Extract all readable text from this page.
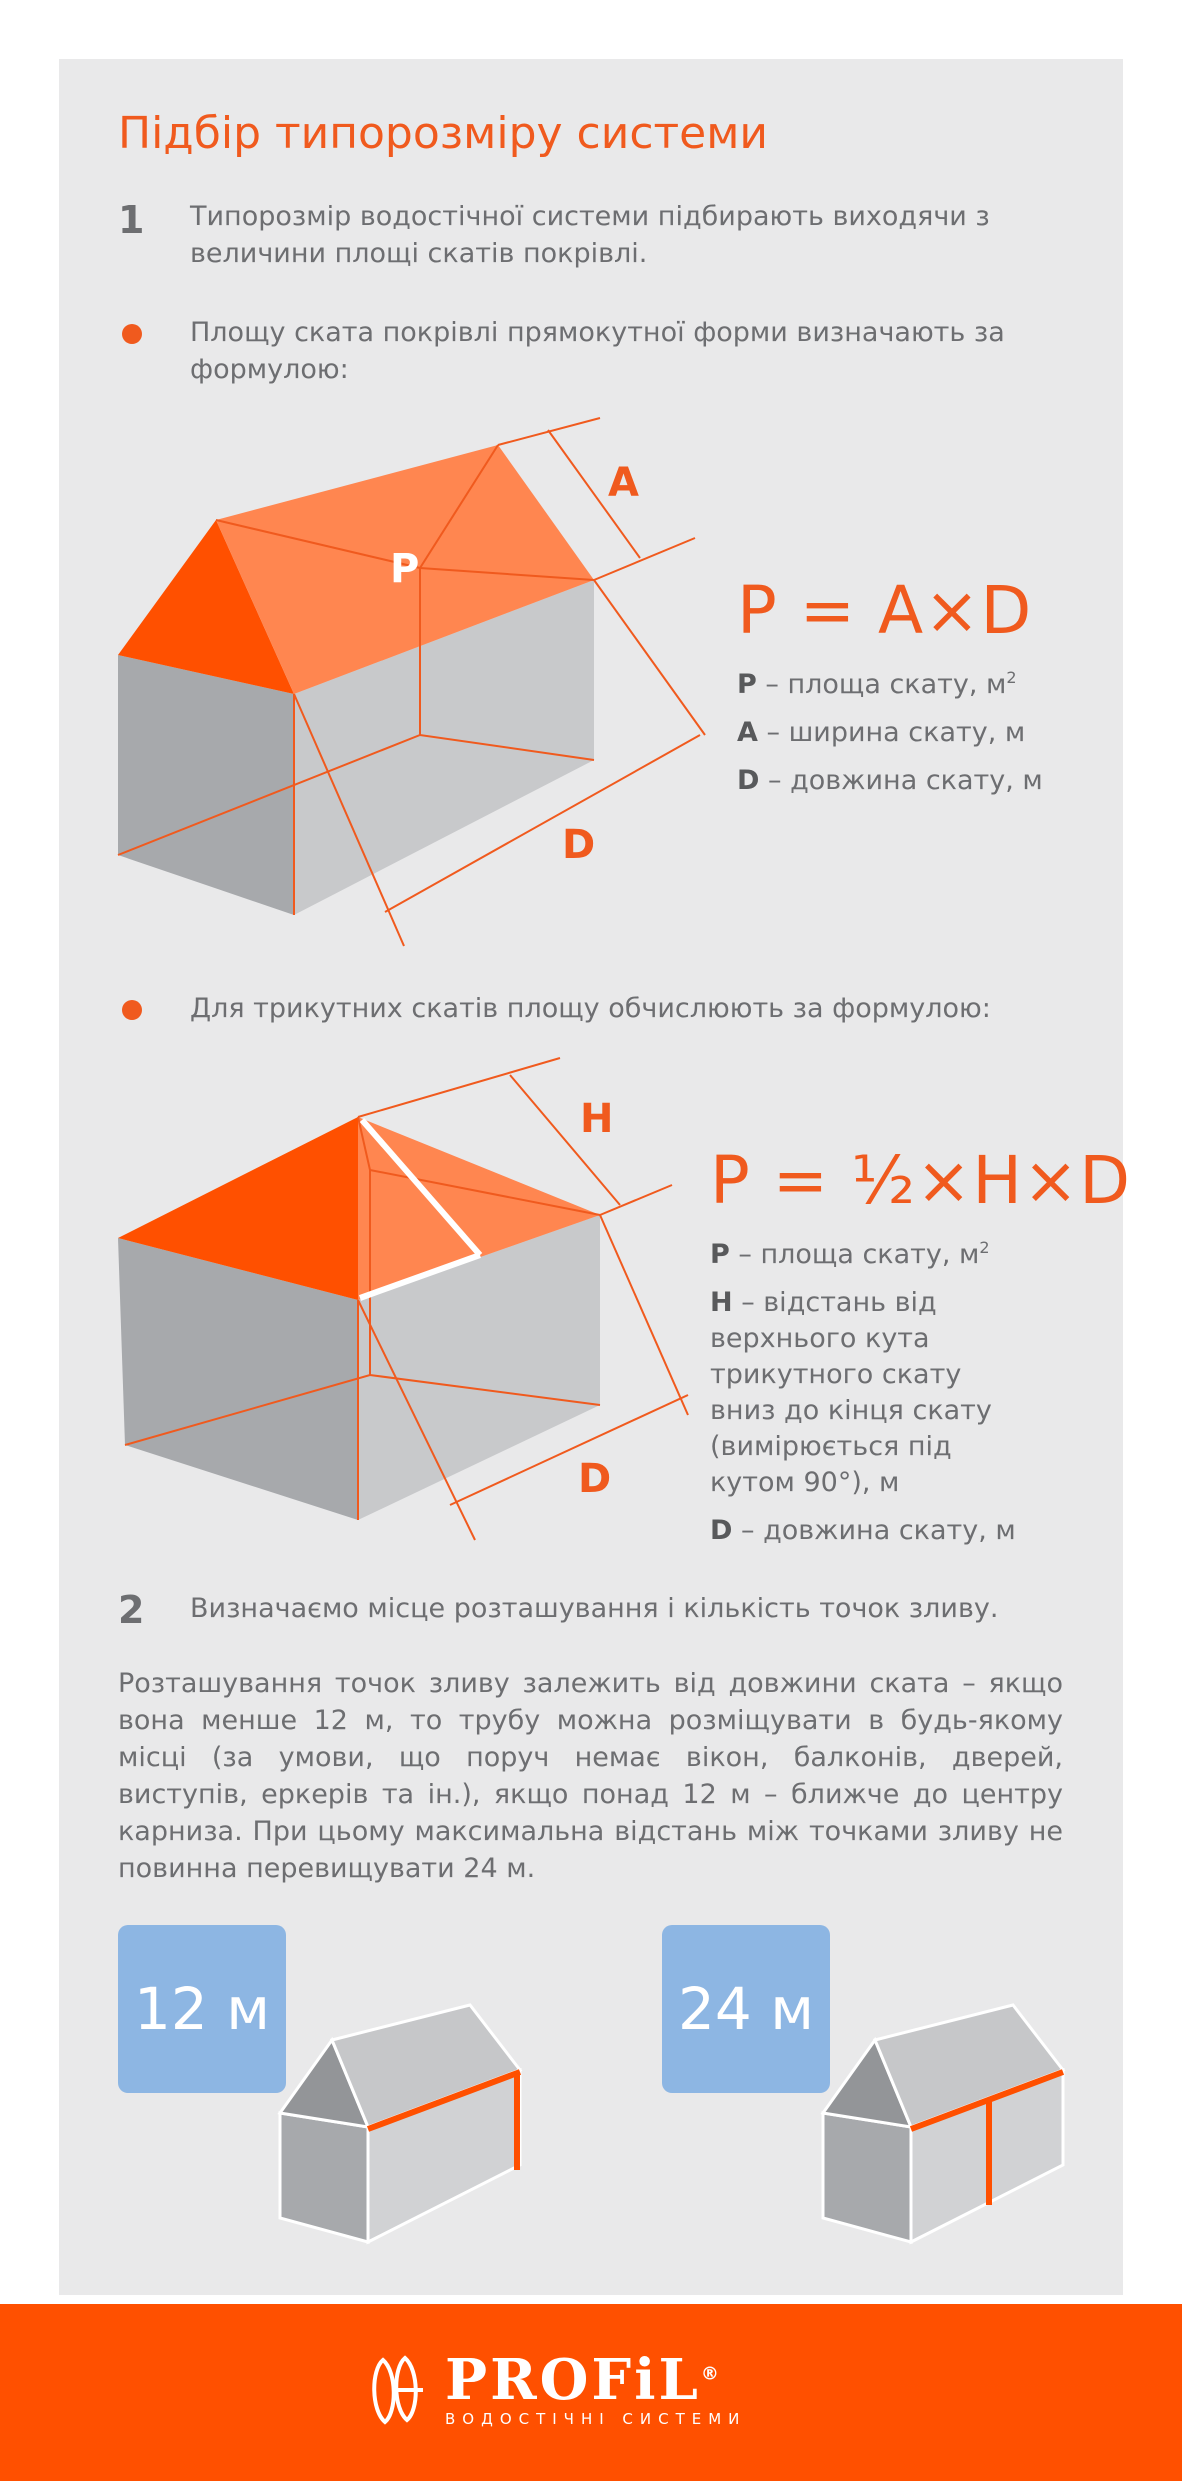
Підбір типорозміру системи
1 Типорозмір водостічної системи підбирають виходячи з величини площі скатів покрівлі.
Площу ската покрівлі прямокутної форми визначають за формулою:
P
A
D
P = A×D
P – площа скату, $м^2$
A – ширина скату, м
D – довжина скату, м
Для трикутних скатів площу обчислюють за формулою:
H
D
P = ½×H×D
P – площа скату, $м^2$
H – відстань від верхнього кута трикутного скату вниз до кінця скату (вимірюється під кутом 90°), м
D – довжина скату, м
2 Визначаємо місце розташування і кількість точок зливу.
Розташування точок зливу залежить від довжини ската – якщо вона менше 12 м, то трубу можна розміщувати в будь-якому місці (за умови, що поруч немає вікон, балконів, дверей, виступів, еркерів та ін.), якщо понад 12 м – ближче до центру карниза. При цьому максимальна відстань між точками зливу не повинна перевищувати 24 м.
12 м	24 м
PROFiL®
ВОДОСТІЧНІ СИСТЕМИ
